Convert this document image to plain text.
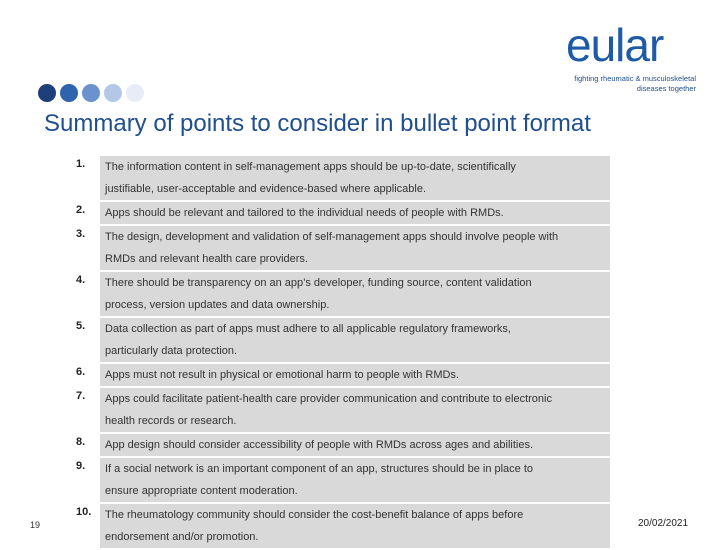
eular
fighting rheumatic & musculoskeletal
diseases together
Summary of points to consider in bullet point format
1.	The information content in self-management apps should be up-to-date, scientifically
justifiable, user-acceptable and evidence-based where applicable.
2.	Apps should be relevant and tailored to the individual needs of people with RMDs.
3.	The design, development and validation of self-management apps should involve people with
RMDs and relevant health care providers.
4.	There should be transparency on an app’s developer, funding source, content validation
process, version updates and data ownership.
5.	Data collection as part of apps must adhere to all applicable regulatory frameworks,
particularly data protection.
6.	Apps must not result in physical or emotional harm to people with RMDs.
7.	Apps could facilitate patient-health care provider communication and contribute to electronic
health records or research.
8.	App design should consider accessibility of people with RMDs across ages and abilities.
9.	If a social network is an important component of an app, structures should be in place to
ensure appropriate content moderation.
10.	The rheumatology community should consider the cost-benefit balance of apps before
endorsement and/or promotion.
19	20/02/2021
